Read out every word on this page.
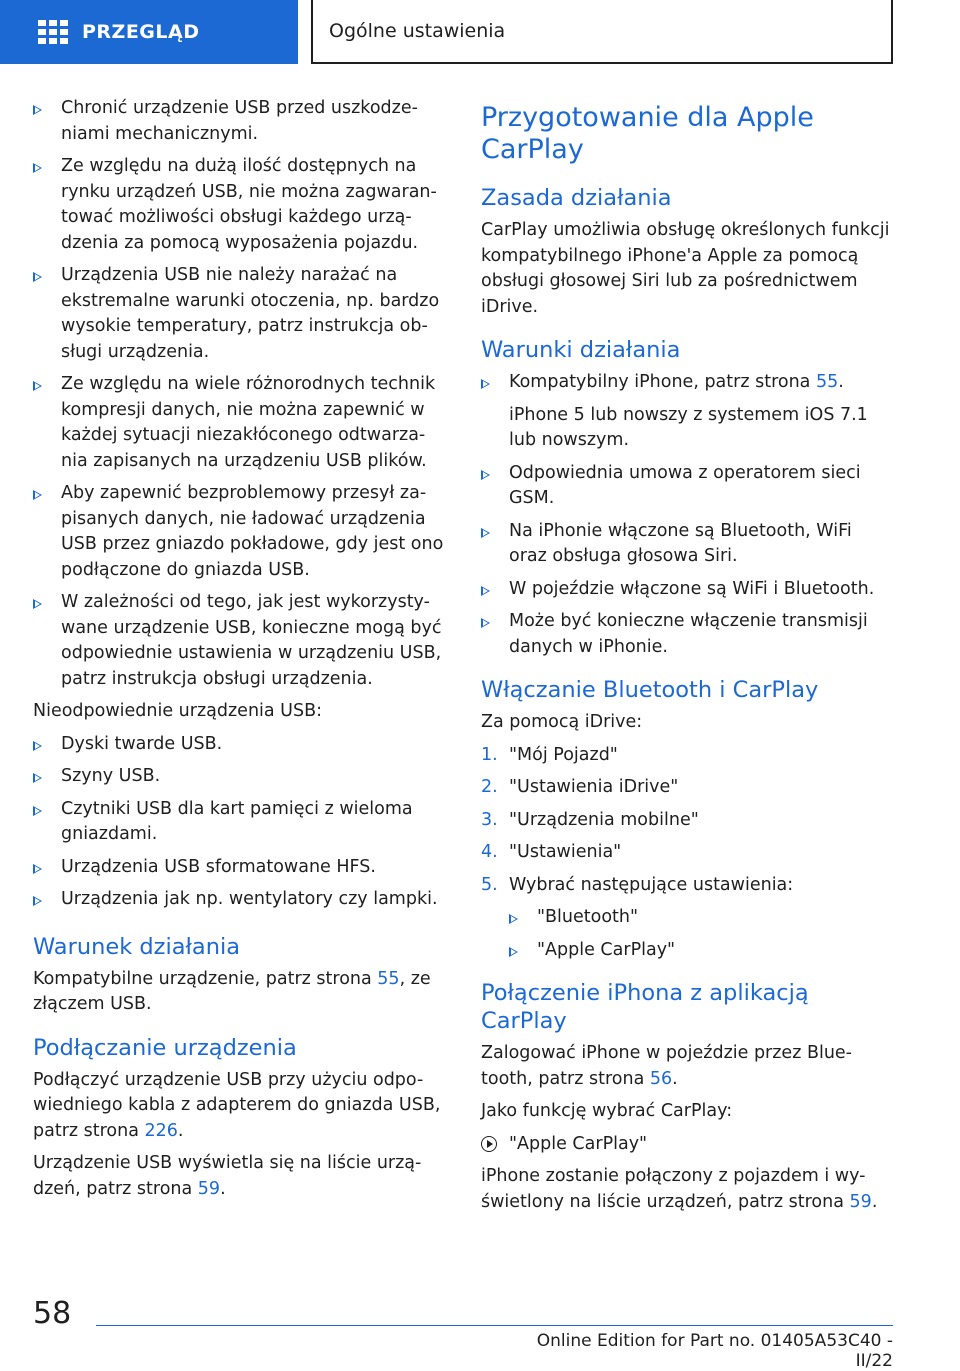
PRZEGLĄD	Ogólne ustawienia
Chronić urządzenie USB przed uszkodze-niami mechanicznymi.
Ze względu na dużą ilość dostępnych na rynku urządzeń USB, nie można zagwaran-tować możliwości obsługi każdego urzą-dzenia za pomocą wyposażenia pojazdu.
Urządzenia USB nie należy narażać na ekstremalne warunki otoczenia, np. bardzo wysokie temperatury, patrz instrukcja ob-sługi urządzenia.
Ze względu na wiele różnorodnych technik kompresji danych, nie można zapewnić w każdej sytuacji niezakłóconego odtwarza-nia zapisanych na urządzeniu USB plików.
Aby zapewnić bezproblemowy przesył za-pisanych danych, nie ładować urządzenia USB przez gniazdo pokładowe, gdy jest ono podłączone do gniazda USB.
W zależności od tego, jak jest wykorzysty-wane urządzenie USB, konieczne mogą być odpowiednie ustawienia w urządzeniu USB, patrz instrukcja obsługi urządzenia.
Nieodpowiednie urządzenia USB:
Dyski twarde USB.
Szyny USB.
Czytniki USB dla kart pamięci z wieloma gniazdami.
Urządzenia USB sformatowane HFS.
Urządzenia jak np. wentylatory czy lampki.
Warunek działania
Kompatybilne urządzenie, patrz strona 55, ze złączem USB.
Podłączanie urządzenia
Podłączyć urządzenie USB przy użyciu odpo-wiedniego kabla z adapterem do gniazda USB, patrz strona 226.
Urządzenie USB wyświetla się na liście urzą-dzeń, patrz strona 59.
Przygotowanie dla Apple CarPlay
Zasada działania
CarPlay umożliwia obsługę określonych funkcji kompatybilnego iPhone'a Apple za pomocą obsługi głosowej Siri lub za pośrednictwem iDrive.
Warunki działania
Kompatybilny iPhone, patrz strona 55.
iPhone 5 lub nowszy z systemem iOS 7.1 lub nowszym.
Odpowiednia umowa z operatorem sieci GSM.
Na iPhonie włączone są Bluetooth, WiFi oraz obsługa głosowa Siri.
W pojeździe włączone są WiFi i Bluetooth.
Może być konieczne włączenie transmisji danych w iPhonie.
Włączanie Bluetooth i CarPlay
Za pomocą iDrive:
1. "Mój Pojazd"
2. "Ustawienia iDrive"
3. "Urządzenia mobilne"
4. "Ustawienia"
5. Wybrać następujące ustawienia:
"Bluetooth"
"Apple CarPlay"
Połączenie iPhona z aplikacją CarPlay
Zalogować iPhone w pojeździe przez Blue-tooth, patrz strona 56.
Jako funkcję wybrać CarPlay:
"Apple CarPlay"
iPhone zostanie połączony z pojazdem i wy-świetlony na liście urządzeń, patrz strona 59.
58
Online Edition for Part no. 01405A53C40 - II/22
